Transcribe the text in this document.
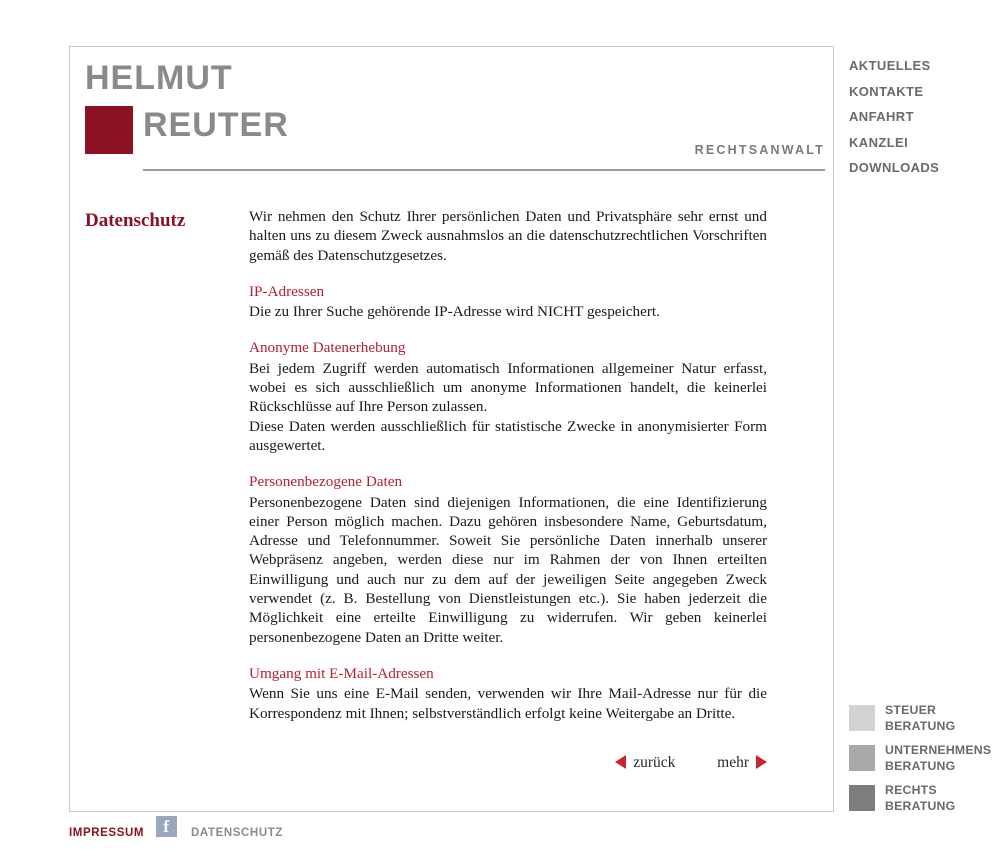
HELMUT
REUTER
RECHTSANWALT
Datenschutz	Wir nehmen den Schutz Ihrer persönlichen Daten und Privatsphäre sehr ernst und halten uns zu diesem Zweck ausnahmslos an die datenschutzrechtlichen Vorschriften gemäß des Datenschutzgesetzes.

IP-Adressen

Die zu Ihrer Suche gehörende IP-Adresse wird NICHT gespeichert.

Anonyme Datenerhebung

Bei jedem Zugriff werden automatisch Informationen allgemeiner Natur erfasst, wobei es sich ausschließlich um anonyme Informationen handelt, die keinerlei Rückschlüsse auf Ihre Person zulassen.

Diese Daten werden ausschließlich für statistische Zwecke in anonymisierter Form ausgewertet.

Personenbezogene Daten

Personenbezogene Daten sind diejenigen Informationen, die eine Identifizierung einer Person möglich machen. Dazu gehören insbesondere Name, Geburtsdatum, Adresse und Telefonnummer. Soweit Sie persönliche Daten innerhalb unserer Webpräsenz angeben, werden diese nur im Rahmen der von Ihnen erteilten Einwilligung und auch nur zu dem auf der jeweiligen Seite angegeben Zweck verwendet (z. B. Bestellung von Dienstleistungen etc.). Sie haben jederzeit die Möglichkeit eine erteilte Einwilligung zu widerrufen. Wir geben keinerlei personenbezogene Daten an Dritte weiter.

Umgang mit E-Mail-Adressen

Wenn Sie uns eine E-Mail senden, verwenden wir Ihre Mail-Adresse nur für die Korrespondenz mit Ihnen; selbstverständlich erfolgt keine Weitergabe an Dritte.

zurück	mehr
AKTUELLES
KONTAKTE
ANFAHRT
KANZLEI
DOWNLOADS
STEUER
BERATUNG
UNTERNEHMENS
BERATUNG
RECHTS
BERATUNG
IMPRESSUM	f	DATENSCHUTZ
